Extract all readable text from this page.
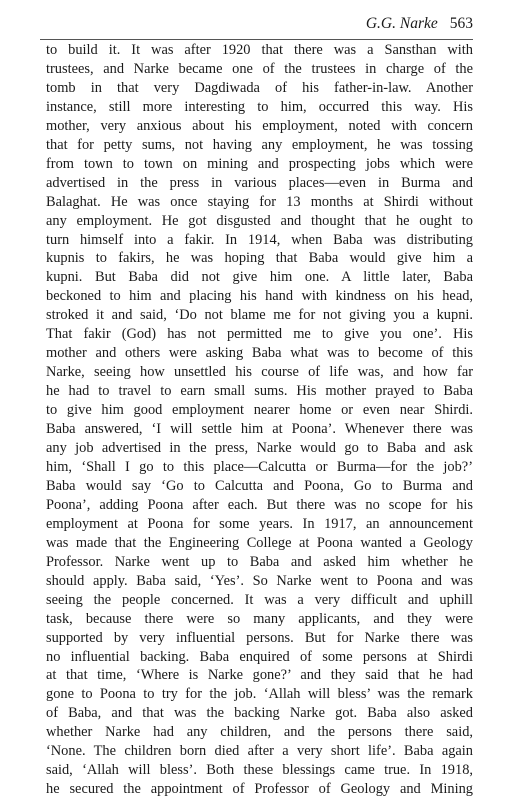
G.G. Narke 563
to build it. It was after 1920 that there was a Sansthan with
trustees, and Narke became one of the trustees in charge of the
tomb in that very Dagdiwada of his father-in-law. Another
instance, still more interesting to him, occurred this way. His
mother, very anxious about his employment, noted with concern
that for petty sums, not having any employment, he was tossing
from town to town on mining and prospecting jobs which were
advertised in the press in various places—even in Burma and
Balaghat. He was once staying for 13 months at Shirdi without
any employment. He got disgusted and thought that he ought to
turn himself into a fakir. In 1914, when Baba was distributing
kupnis to fakirs, he was hoping that Baba would give him a
kupni. But Baba did not give him one. A little later, Baba
beckoned to him and placing his hand with kindness on his head,
stroked it and said, ‘Do not blame me for not giving you a kupni.
That fakir (God) has not permitted me to give you one’. His
mother and others were asking Baba what was to become of this
Narke, seeing how unsettled his course of life was, and how far
he had to travel to earn small sums. His mother prayed to Baba
to give him good employment nearer home or even near Shirdi.
Baba answered, ‘I will settle him at Poona’. Whenever there was
any job advertised in the press, Narke would go to Baba and ask
him, ‘Shall I go to this place—Calcutta or Burma—for the job?’
Baba would say ‘Go to Calcutta and Poona, Go to Burma and
Poona’, adding Poona after each. But there was no scope for his
employment at Poona for some years. In 1917, an announcement
was made that the Engineering College at Poona wanted a Geology
Professor. Narke went up to Baba and asked him whether he
should apply. Baba said, ‘Yes’. So Narke went to Poona and was
seeing the people concerned. It was a very difficult and uphill
task, because there were so many applicants, and they were
supported by very influential persons. But for Narke there was
no influential backing. Baba enquired of some persons at Shirdi
at that time, ‘Where is Narke gone?’ and they said that he had
gone to Poona to try for the job. ‘Allah will bless’ was the remark
of Baba, and that was the backing Narke got. Baba also asked
whether Narke had any children, and the persons there said,
‘None. The children born died after a very short life’. Baba again
said, ‘Allah will bless’. Both these blessings came true. In 1918,
he secured the appointment of Professor of Geology and Mining
